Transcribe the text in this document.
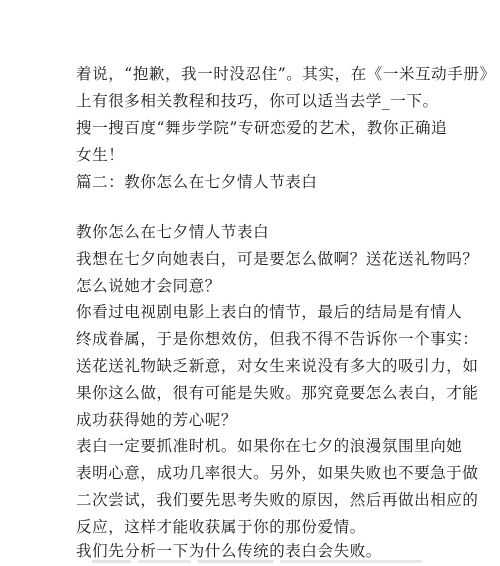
着说，“抱歉，我一时没忍住”。其实，在《一米互动手册》
上有很多相关教程和技巧，你可以适当去学_一下。
搜一搜百度“舞步学院”专研恋爱的艺术，教你正确追
女生！
篇二：教你怎么在七夕情人节表白
教你怎么在七夕情人节表白
我想在七夕向她表白，可是要怎么做啊？送花送礼物吗？
怎么说她才会同意？
你看过电视剧电影上表白的情节，最后的结局是有情人
终成眷属，于是你想效仿，但我不得不告诉你一个事实：
送花送礼物缺乏新意，对女生来说没有多大的吸引力，如
果你这么做，很有可能是失败。那究竟要怎么表白，才能
成功获得她的芳心呢？
表白一定要抓准时机。如果你在七夕的浪漫氛围里向她
表明心意，成功几率很大。另外，如果失败也不要急于做
二次尝试，我们要先思考失败的原因，然后再做出相应的
反应，这样才能收获属于你的那份爱情。
我们先分析一下为什么传统的表白会失败。
